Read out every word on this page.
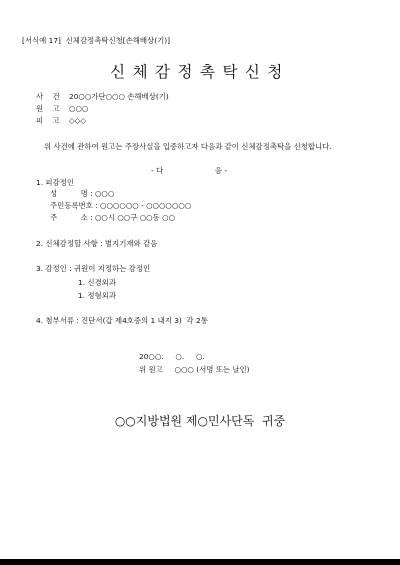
[서식예 17]  신체감정촉탁신청[손해배상(기)]
신체감정촉탁신청
사    건 20○○가단○○○ 손해배상(기)
원    고 ○○○
피    고 ◇◇◇
위 사건에 관하여 원고는 주장사실을 입증하고자 다음과 같이 신체감정촉탁을 신청합니다.
- 다                      음 -
1. 피감정인
성          명 : ○○○
주민등록번호 : ○○○○○○ - ○○○○○○○
주          소 : ○○시 ○○구 ○○동 ○○
2. 신체감정할 사항 : 별지기재와 같음
3. 감정인 : 귀원이 지정하는 감정인
1. 신경외과
1. 정형외과
4. 첨부서류 : 진단서(갑 제4호증의 1 내지 3)  각 2통
20○○.     ○.     ○.
위 원고     ○○○ (서명 또는 날인)
○○지방법원 제○민사단독  귀중
